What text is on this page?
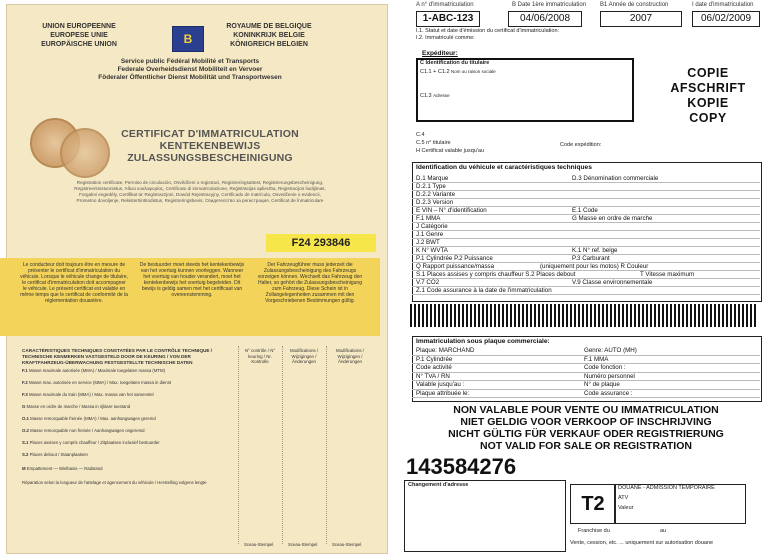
UNION EUROPEENNE
EUROPESE UNIE
EUROPÄISCHE UNION	B
ROYAUME DE BELGIQUE
KONINKRIJK BELGIE
KÖNIGREICH BELGIEN
Service public Fédéral Mobilité et Transports
Federale Overheidsdienst Mobiliteit en Vervoer
Föderaler Öffentlicher Dienst Mobilität und Transportwesen
CERTIFICAT D'IMMATRICULATION
KENTEKENBEWIJS
ZULASSUNGSBESCHEINIGUNG
Registration certificate, Permiso de circulación, Osvědčení o registraci, Registreringsattest, Registrierungsbescheinigung, Registreerimistunnistus, Άδεια κυκλοφορίας, Certificato di immatricolazione, Reģistrācijas apliecība, Registracijos liudijimas, Forgalmi engedély, Certifikat ta' Registrazzjoni, Dowód Rejestracyjny, Certificado de matrícula, Osvedčenie o evidencii, Prometno dovoljenje, Rekisteröintitodistus, Registreringsbevis, Свидетелство за регистрация, Certificat de înmatriculare
F24 293846
Le conducteur doit toujours être en mesure de présenter le certificat d'immatriculation du véhicule. Lorsque le véhicule change de titulaire, le certificat d'immatriculation doit accompagner le véhicule. Le présent certificat est valable en même temps que le certificat de conformité de la réglementation douanière.
De bestuurder moet steeds het kentekenbewijs van het voertuig kunnen voorleggen. Wanneer het voertuig van houder verandert, moet het kentekenbewijs het voertuig begeleiden. Dit bewijs is geldig samen met het certificaat van overeenstemming.
Der Fahrzeugführer muss jederzeit die Zulassungsbescheinigung des Fahrzeugs vorzeigen können. Wechselt das Fahrzeug den Halter, so gehört die Zulassungsbescheinigung zum Fahrzeug. Diese Schein ist in Zollangelegenheiten zusammen mit den Vorgeschriebenen Bestimmungen gültig.
CARACTÉRISTIQUES TECHNIQUES CONSTATÉES PAR LE CONTRÔLE TECHNIQUE / TECHNISCHE KENMERKEN VASTGESTELD DOOR DE KEURING / VON DER KRAFTFAHRZEUG-ÜBERWACHUNG FESTGESTELLTE TECHNISCHE DATEN
N° contrôle / N° keuring / Nr. Kontrolle
Modifications / Wijzigingen / Änderungen
Modifications / Wijzigingen / Änderungen
F.1 Masse maximale autorisée (MMA) / Maximale toegelaten massa (MTM)
F.2 Masse max. autorisée en service (MMA) / Max. toegelaten massa in dienst
F.3 Masse maximale du train (MMA) / Max. massa van het samenstel
G Masse en ordre de marche / Massa in rijklare toestand
O.1 Masse remorquable freinée (MMA) / Max. aanhangwagen geremd
O.2 Masse remorquable non freinée / Aanhangwagen ongeremd
S.1 Places assises y compris chauffeur / Zitplaatsen inclusief bestuurder
S.2 Places debout / Staanplaatsen
M Empattement — Wielbasis — Radstand
Réparation selon la longueur de l'attelage et agencement du véhicule / Herstelling volgens lengte
Sceau-Stempel	Sceau-Stempel	Sceau-Stempel
A n° d'immatriculation
1-ABC-123
B Date 1ère immatriculation
04/06/2008
B1 Année de construction
2007
I date d'immatriculation
06/02/2009
I.1. Statut et date d'émission du certificat d'immatriculation:
I.2. Immatriculé comme:
Expéditeur:
C Identification du titulaire
C1.1 + C1.2 Nom ou raison sociale
C1.3 Adresse
COPIE
AFSCHRIFT
KOPIE
COPY
C.4
C.5 n° titulaire
H Certificat valable jusqu'au
Code expédition:
Identification du véhicule et caractéristiques techniques
D.1 Marque	D.3 Dénomination commerciale
D.2.1 Type
D.2.2 Variante
D.2.3 Version
E VIN – N° d'identification	E.1 Code
F.1 MMA	G Masse en ordre de marche
J Catégorie
J.1 Genre
J.2 BWT
K N° WVTA	K.1 N° ref. belge
P.1 Cylindrée P.2 Puissance	P.3 Carburant
Q Rapport puissance/massa	(uniquement pour les motos) R Couleur
S.1 Places assises y compris chauffeur S.2 Places debout	T Vitesse maximum
V.7 CO2	V.9 Classe environnementale
Z.1 Code assurance à la date de l'immatriculation
Immatriculation sous plaque commerciale:
Plaque: MARCHAND	Genre: AUTO (MH)
P.1 Cylindrée	F.1 MMA
Code activité	Code fonction :
N° TVA / RN	Numéro personnel
Valable jusqu'au :	N° de plaque
Plaque attribuée le:	Code assurance :
NON VALABLE POUR VENTE OU IMMATRICULATION
NIET GELDIG VOOR VERKOOP OF INSCHRIJVING
NICHT GÜLTIG FÜR VERKAUF ODER REGISTRIERUNG
NOT VALID FOR SALE OR REGISTRATION
143584276
Changement d'adresse
T2
DOUANE - ADMISSION TEMPORAIRE
ATV
Valeur
Franchise du	au
Vente, cession, etc. ... uniquement sur autorisation douane
